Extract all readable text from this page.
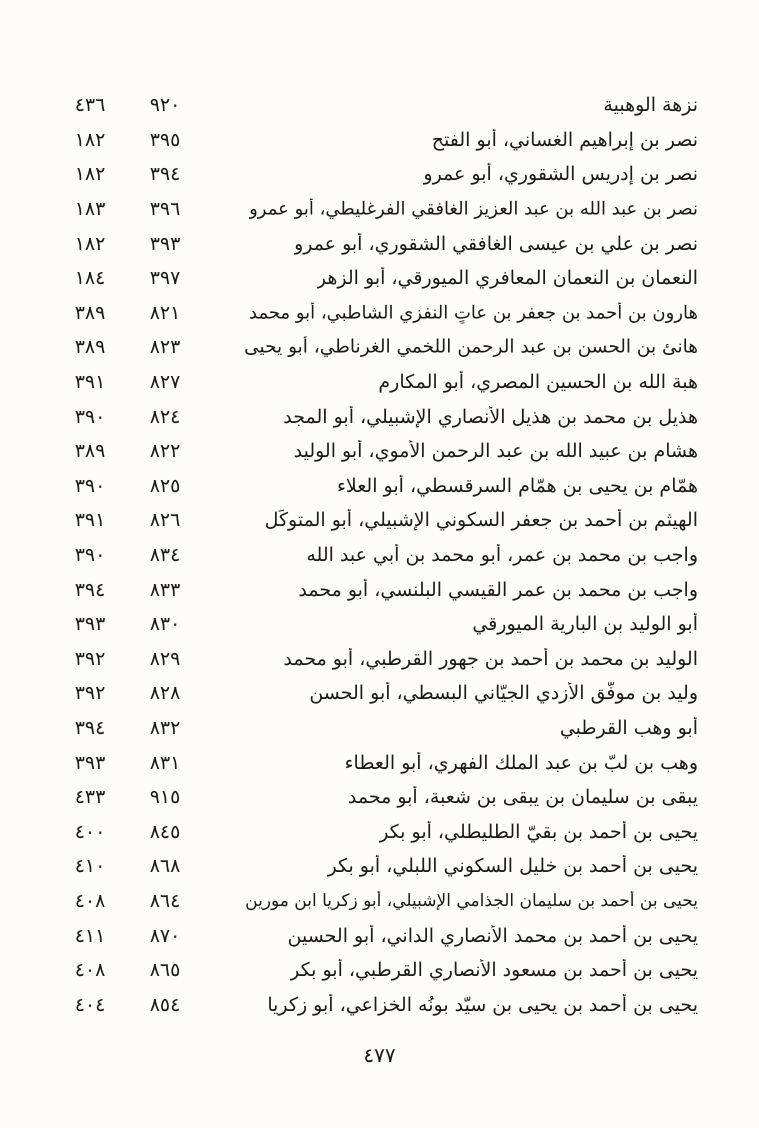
نزهة الوهبية
٩٢٠
٤٣٦
نصر بن إبراهيم الغساني، أبو الفتح
٣٩٥
١٨٢
نصر بن إدريس الشقوري، أبو عمرو
٣٩٤
١٨٢
نصر بن عبد الله بن عبد العزيز الغافقي الفرغليطي، أبو عمرو
٣٩٦
١٨٣
نصر بن علي بن عيسى الغافقي الشقوري، أبو عمرو
٣٩٣
١٨٢
النعمان بن النعمان المعافري الميورقي، أبو الزهر
٣٩٧
١٨٤
هارون بن أحمد بن جعفر بن عاتٍ النفزي الشاطبي، أبو محمد
٨٢١
٣٨٩
هانئ بن الحسن بن عبد الرحمن اللخمي الغرناطي، أبو يحيى
٨٢٣
٣٨٩
هبة الله بن الحسين المصري، أبو المكارم
٨٢٧
٣٩١
هذيل بن محمد بن هذيل الأنصاري الإشبيلي، أبو المجد
٨٢٤
٣٩٠
هشام بن عبيد الله بن عبد الرحمن الأموي، أبو الوليد
٨٢٢
٣٨٩
همّام بن يحيى بن همّام السرقسطي، أبو العلاء
٨٢٥
٣٩٠
الهيثم بن أحمد بن جعفر السكوني الإشبيلي، أبو المتوكِّل
٨٢٦
٣٩١
واجب بن محمد بن عمر، أبو محمد بن أبي عبد الله
٨٣٤
٣٩٠
واجب بن محمد بن عمر القيسي البلنسي، أبو محمد
٨٣٣
٣٩٤
أبو الوليد بن البارية الميورقي
٨٣٠
٣٩٣
الوليد بن محمد بن أحمد بن جهور القرطبي، أبو محمد
٨٢٩
٣٩٢
وليد بن موفَّق الأزدي الجيّاني البسطي، أبو الحسن
٨٢٨
٣٩٢
أبو وهب القرطبي
٨٣٢
٣٩٤
وهب بن لبّ بن عبد الملك الفهري، أبو العطاء
٨٣١
٣٩٣
يبقى بن سليمان بن يبقى بن شعبة، أبو محمد
٩١٥
٤٣٣
يحيى بن أحمد بن بقيّ الطليطلي، أبو بكر
٨٤٥
٤٠٠
يحيى بن أحمد بن خليل السكوني اللبلي، أبو بكر
٨٦٨
٤١٠
يحيى بن أحمد بن سليمان الجذامي الإشبيلي، أبو زكريا ابن مورين
٨٦٤
٤٠٨
يحيى بن أحمد بن محمد الأنصاري الداني، أبو الحسين
٨٧٠
٤١١
يحيى بن أحمد بن مسعود الأنصاري القرطبي، أبو بكر
٨٦٥
٤٠٨
يحيى بن أحمد بن يحيى بن سيّد بونُه الخزاعي، أبو زكريا
٨٥٤
٤٠٤
٤٧٧
